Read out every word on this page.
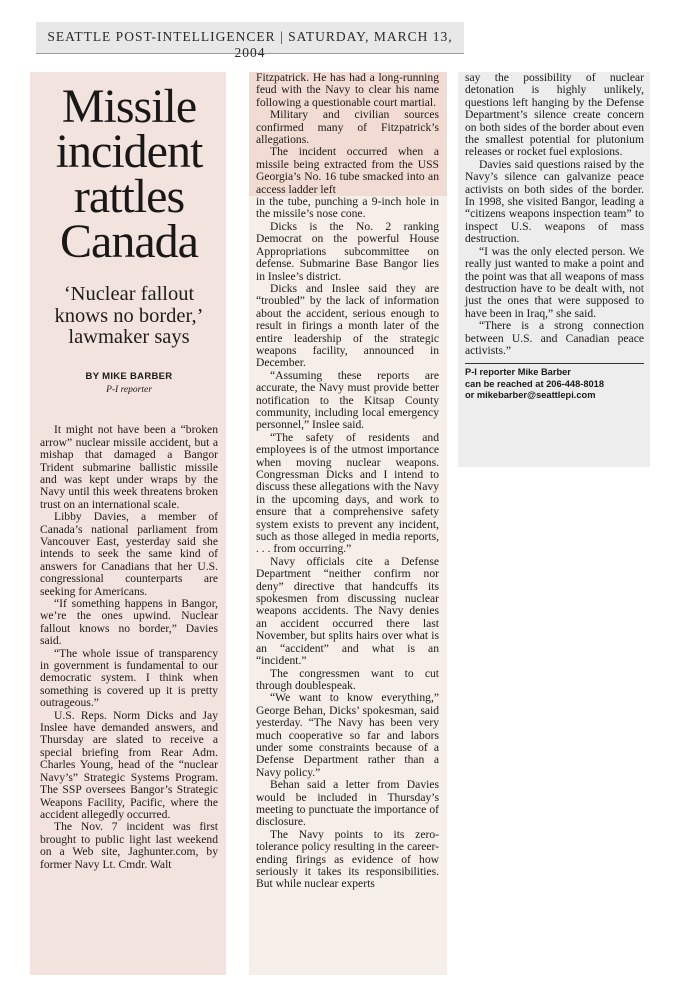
SEATTLE POST-INTELLIGENCER | SATURDAY, MARCH 13, 2004
Missile incident rattles Canada
‘Nuclear fallout knows no border,’ lawmaker says
BY MIKE BARBER
P-I reporter

It might not have been a “broken arrow” nuclear missile accident, but a mishap that damaged a Bangor Trident submarine ballistic missile and was kept under wraps by the Navy until this week threatens broken trust on an international scale.

Libby Davies, a member of Canada’s national parliament from Vancouver East, yesterday said she intends to seek the same kind of answers for Canadians that her U.S. congressional counterparts are seeking for Americans.

“If something happens in Bangor, we’re the ones upwind. Nuclear fallout knows no border,” Davies said.

“The whole issue of transparency in government is fundamental to our democratic system. I think when something is covered up it is pretty outrageous.”

U.S. Reps. Norm Dicks and Jay Inslee have demanded answers, and Thursday are slated to receive a special briefing from Rear Adm. Charles Young, head of the “nuclear Navy’s” Strategic Systems Program. The SSP oversees Bangor’s Strategic Weapons Facility, Pacific, where the accident allegedly occurred.

The Nov. 7 incident was first brought to public light last weekend on a Web site, Jaghunter.com, by former Navy Lt. Cmdr. Walt

Fitzpatrick. He has had a long-running feud with the Navy to clear his name following a questionable court martial.

Military and civilian sources confirmed many of Fitzpatrick’s allegations.

The incident occurred when a missile being extracted from the USS Georgia’s No. 16 tube smacked into an access ladder left

in the tube, punching a 9-inch hole in the missile’s nose cone.

Dicks is the No. 2 ranking Democrat on the powerful House Appropriations subcommittee on defense. Submarine Base Bangor lies in Inslee’s district.

Dicks and Inslee said they are “troubled” by the lack of information about the accident, serious enough to result in firings a month later of the entire leadership of the strategic weapons facility, announced in December.

“Assuming these reports are accurate, the Navy must provide better notification to the Kitsap County community, including local emergency personnel,” Inslee said.

“The safety of residents and employees is of the utmost importance when moving nuclear weapons. Congressman Dicks and I intend to discuss these allegations with the Navy in the upcoming days, and work to ensure that a comprehensive safety system exists to prevent any incident, such as those alleged in media reports, . . . from occurring.”

Navy officials cite a Defense Department “neither confirm nor deny” directive that handcuffs its spokesmen from discussing nuclear weapons accidents. The Navy denies an accident occurred there last November, but splits hairs over what is an “accident” and what is an “incident.”

The congressmen want to cut through doublespeak.

“We want to know everything,” George Behan, Dicks’ spokesman, said yesterday. “The Navy has been very much cooperative so far and labors under some constraints because of a Defense Department rather than a Navy policy.”

Behan said a letter from Davies would be included in Thursday’s meeting to punctuate the importance of disclosure.

The Navy points to its zero-tolerance policy resulting in the career-ending firings as evidence of how seriously it takes its responsibilities. But while nuclear experts

say the possibility of nuclear detonation is highly unlikely, questions left hanging by the Defense Department’s silence create concern on both sides of the border about even the smallest potential for plutonium releases or rocket fuel explosions.

Davies said questions raised by the Navy’s silence can galvanize peace activists on both sides of the border. In 1998, she visited Bangor, leading a “citizens weapons inspection team” to inspect U.S. weapons of mass destruction.

“I was the only elected person. We really just wanted to make a point and the point was that all weapons of mass destruction have to be dealt with, not just the ones that were supposed to have been in Iraq,” she said.

“There is a strong connection between U.S. and Canadian peace activists.”

P-I reporter Mike Barber
can be reached at 206-448-8018
or mikebarber@seattlepi.com
